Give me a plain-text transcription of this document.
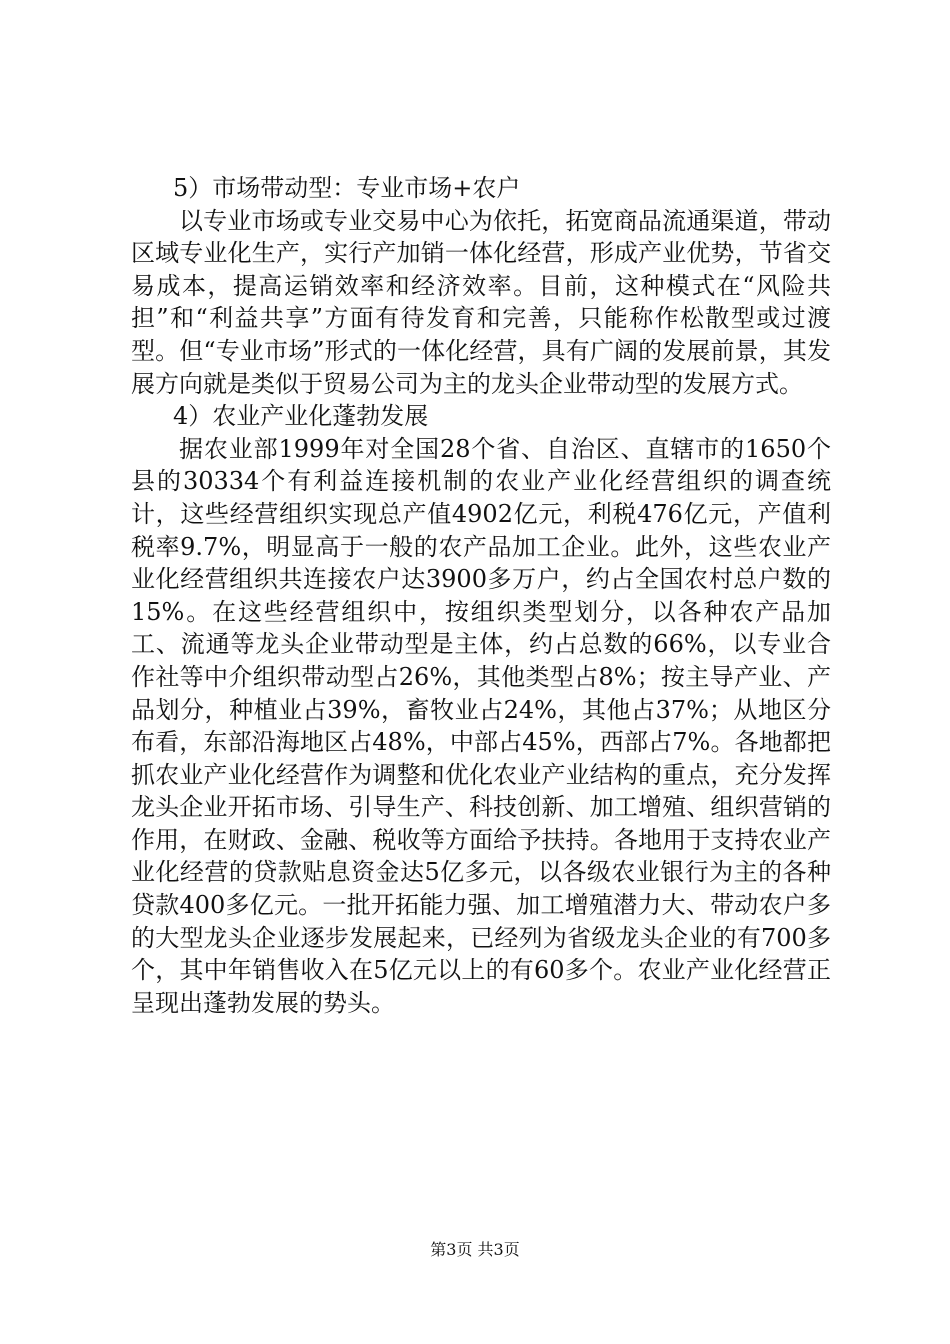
5）市场带动型：专业市场+农户

以专业市场或专业交易中心为依托，拓宽商品流通渠道，带动区域专业化生产，实行产加销一体化经营，形成产业优势，节省交易成本，提高运销效率和经济效率。目前，这种模式在“风险共担”和“利益共享”方面有待发育和完善，只能称作松散型或过渡型。但“专业市场”形式的一体化经营，具有广阔的发展前景，其发展方向就是类似于贸易公司为主的龙头企业带动型的发展方式。

4）农业产业化蓬勃发展

据农业部1999年对全国28个省、自治区、直辖市的1650个县的30334个有利益连接机制的农业产业化经营组织的调查统计，这些经营组织实现总产值4902亿元，利税476亿元，产值利税率9.7%，明显高于一般的农产品加工企业。此外，这些农业产业化经营组织共连接农户达3900多万户，约占全国农村总户数的15%。在这些经营组织中，按组织类型划分，以各种农产品加工、流通等龙头企业带动型是主体，约占总数的66%，以专业合作社等中介组织带动型占26%，其他类型占8%；按主导产业、产品划分，种植业占39%，畜牧业占24%，其他占37%；从地区分布看，东部沿海地区占48%，中部占45%，西部占7%。各地都把抓农业产业化经营作为调整和优化农业产业结构的重点，充分发挥龙头企业开拓市场、引导生产、科技创新、加工增殖、组织营销的作用，在财政、金融、税收等方面给予扶持。各地用于支持农业产业化经营的贷款贴息资金达5亿多元，以各级农业银行为主的各种贷款400多亿元。一批开拓能力强、加工增殖潜力大、带动农户多的大型龙头企业逐步发展起来，已经列为省级龙头企业的有700多个，其中年销售收入在5亿元以上的有60多个。农业产业化经营正呈现出蓬勃发展的势头。

第3页 共3页
